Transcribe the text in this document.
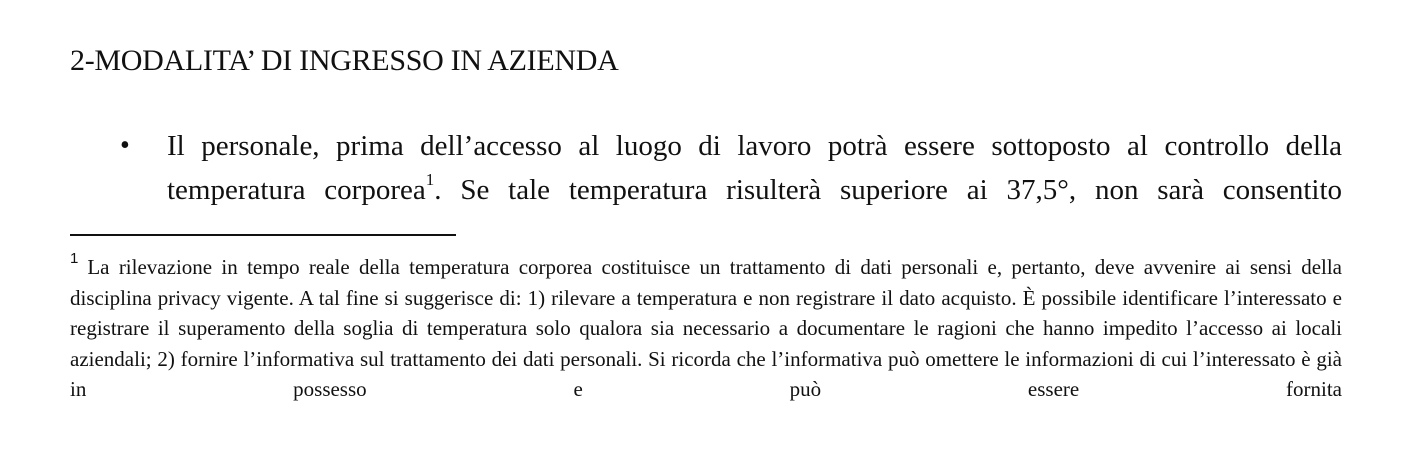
2-MODALITA’ DI INGRESSO IN AZIENDA
• Il personale, prima dell’accesso al luogo di lavoro potrà essere sottoposto al controllo della temperatura corporea$^1$. Se tale temperatura risulterà superiore ai 37,5°, non sarà consentito
$^1$ La rilevazione in tempo reale della temperatura corporea costituisce un trattamento di dati personali e, pertanto, deve avvenire ai sensi della disciplina privacy vigente. A tal fine si suggerisce di: 1) rilevare a temperatura e non registrare il dato acquisto. È possibile identificare l’interessato e registrare il superamento della soglia di temperatura solo qualora sia necessario a documentare le ragioni che hanno impedito l’accesso ai locali aziendali; 2) fornire l’informativa sul trattamento dei dati personali. Si ricorda che l’informativa può omettere le informazioni di cui l’interessato è già in possesso e può essere fornita
